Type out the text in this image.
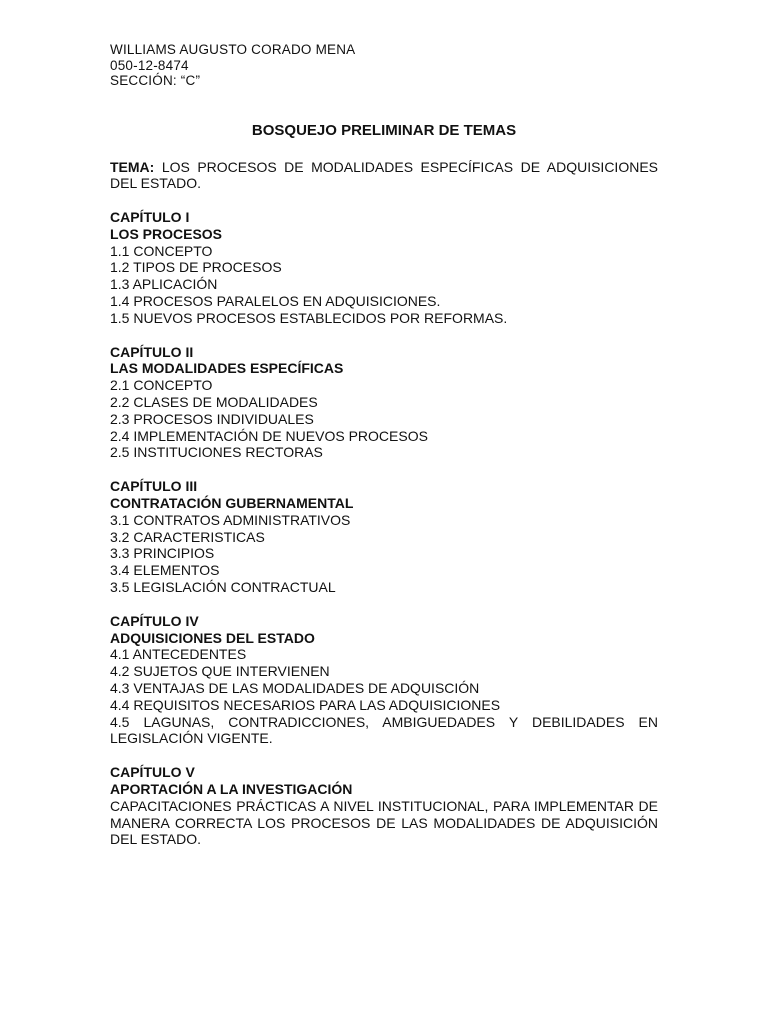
WILLIAMS AUGUSTO CORADO MENA
050-12-8474
SECCIÓN: “C”
BOSQUEJO PRELIMINAR DE TEMAS

TEMA: LOS PROCESOS DE MODALIDADES ESPECÍFICAS DE ADQUISICIONES DEL ESTADO.

CAPÍTULO I
LOS PROCESOS
1.1 CONCEPTO
1.2 TIPOS DE PROCESOS
1.3 APLICACIÓN
1.4 PROCESOS PARALELOS EN ADQUISICIONES.
1.5 NUEVOS PROCESOS ESTABLECIDOS POR REFORMAS.
CAPÍTULO II
LAS MODALIDADES ESPECÍFICAS
2.1 CONCEPTO
2.2 CLASES DE MODALIDADES
2.3 PROCESOS INDIVIDUALES
2.4 IMPLEMENTACIÓN DE NUEVOS PROCESOS
2.5 INSTITUCIONES RECTORAS
CAPÍTULO III
CONTRATACIÓN GUBERNAMENTAL
3.1 CONTRATOS ADMINISTRATIVOS
3.2 CARACTERISTICAS
3.3 PRINCIPIOS
3.4 ELEMENTOS
3.5 LEGISLACIÓN CONTRACTUAL
CAPÍTULO IV
ADQUISICIONES DEL ESTADO
4.1 ANTECEDENTES
4.2 SUJETOS QUE INTERVIENEN
4.3 VENTAJAS DE LAS MODALIDADES DE ADQUISCIÓN
4.4 REQUISITOS NECESARIOS PARA LAS ADQUISICIONES
4.5 LAGUNAS, CONTRADICCIONES, AMBIGUEDADES Y DEBILIDADES EN LEGISLACIÓN VIGENTE.
CAPÍTULO V
APORTACIÓN A LA INVESTIGACIÓN
CAPACITACIONES PRÁCTICAS A NIVEL INSTITUCIONAL, PARA IMPLEMENTAR DE MANERA CORRECTA LOS PROCESOS DE LAS MODALIDADES DE ADQUISICIÓN DEL ESTADO.
